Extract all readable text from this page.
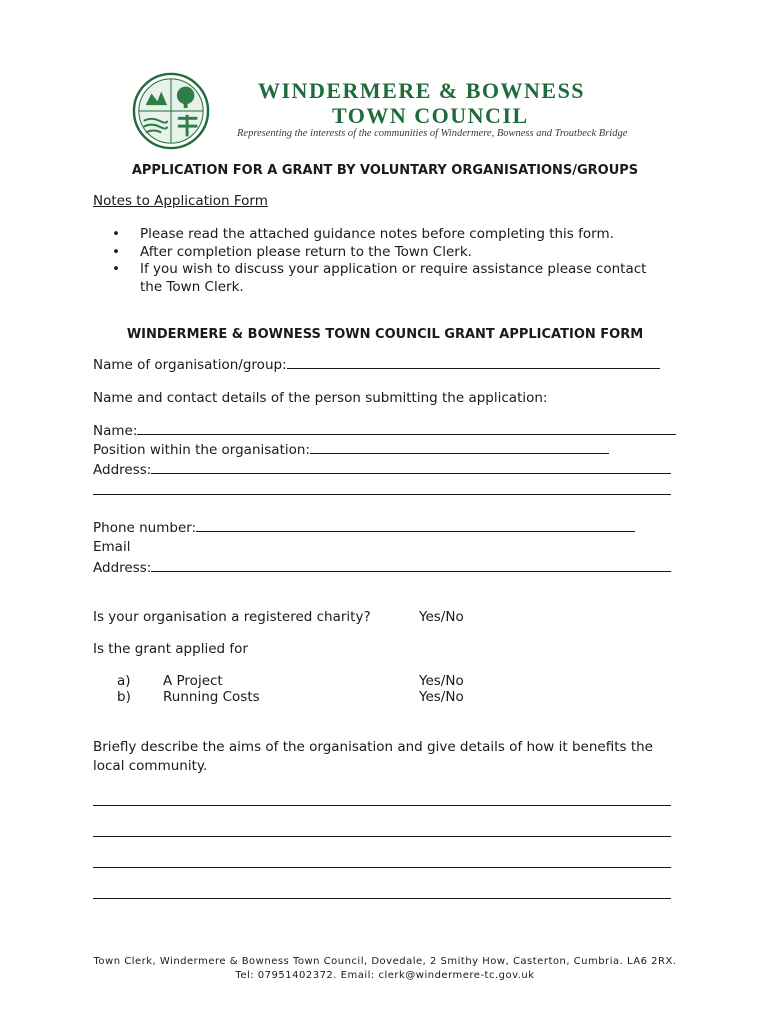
WINDERMERE & BOWNESS
TOWN COUNCIL
Representing the interests of the communities of Windermere, Bowness and Troutbeck Bridge
APPLICATION FOR A GRANT BY VOLUNTARY ORGANISATIONS/GROUPS
Notes to Application Form
• Please read the attached guidance notes before completing this form.
• After completion please return to the Town Clerk.
• If you wish to discuss your application or require assistance please contact
the Town Clerk.
WINDERMERE & BOWNESS TOWN COUNCIL GRANT APPLICATION FORM
Name of organisation/group:
Name and contact details of the person submitting the application:
Name:
Position within the organisation:
Address:
Phone number:
Email
Address:
Is your organisation a registered charity?	Yes/No
Is the grant applied for
a) A Project	Yes/No
b) Running Costs	Yes/No
Briefly describe the aims of the organisation and give details of how it benefits the
local community.
Town Clerk, Windermere & Bowness Town Council, Dovedale, 2 Smithy How, Casterton, Cumbria. LA6 2RX.
Tel: 07951402372. Email: clerk@windermere-tc.gov.uk
